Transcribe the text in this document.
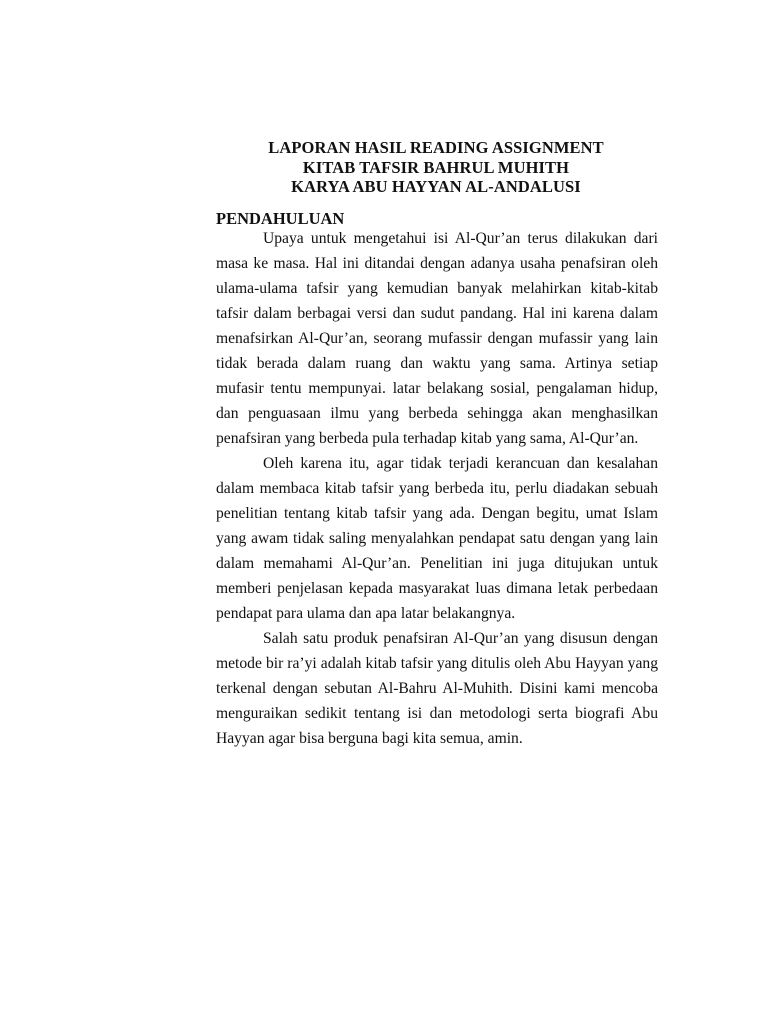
LAPORAN HASIL READING ASSIGNMENT
KITAB TAFSIR BAHRUL MUHITH
KARYA ABU HAYYAN AL-ANDALUSI
PENDAHULUAN

Upaya untuk mengetahui isi Al-Qur’an terus dilakukan dari masa ke masa. Hal ini ditandai dengan adanya usaha penafsiran oleh ulama-ulama tafsir yang kemudian banyak melahirkan kitab-kitab tafsir dalam berbagai versi dan sudut pandang. Hal ini karena dalam menafsirkan Al-Qur’an, seorang mufassir dengan mufassir yang lain tidak berada dalam ruang dan waktu yang sama. Artinya setiap mufasir tentu mempunyai. latar belakang sosial, pengalaman hidup, dan penguasaan ilmu yang berbeda sehingga akan menghasilkan penafsiran yang berbeda pula terhadap kitab yang sama, Al-Qur’an.

Oleh karena itu, agar tidak terjadi kerancuan dan kesalahan dalam membaca kitab tafsir yang berbeda itu, perlu diadakan sebuah penelitian tentang kitab tafsir yang ada. Dengan begitu, umat Islam yang awam tidak saling menyalahkan pendapat satu dengan yang lain dalam memahami Al-Qur’an. Penelitian ini juga ditujukan untuk memberi penjelasan kepada masyarakat luas dimana letak perbedaan pendapat para ulama dan apa latar belakangnya.

Salah satu produk penafsiran Al-Qur’an yang disusun dengan metode bir ra’yi adalah kitab tafsir yang ditulis oleh Abu Hayyan yang terkenal dengan sebutan Al-Bahru Al-Muhith. Disini kami mencoba menguraikan sedikit tentang isi dan metodologi serta biografi Abu Hayyan agar bisa berguna bagi kita semua, amin.
